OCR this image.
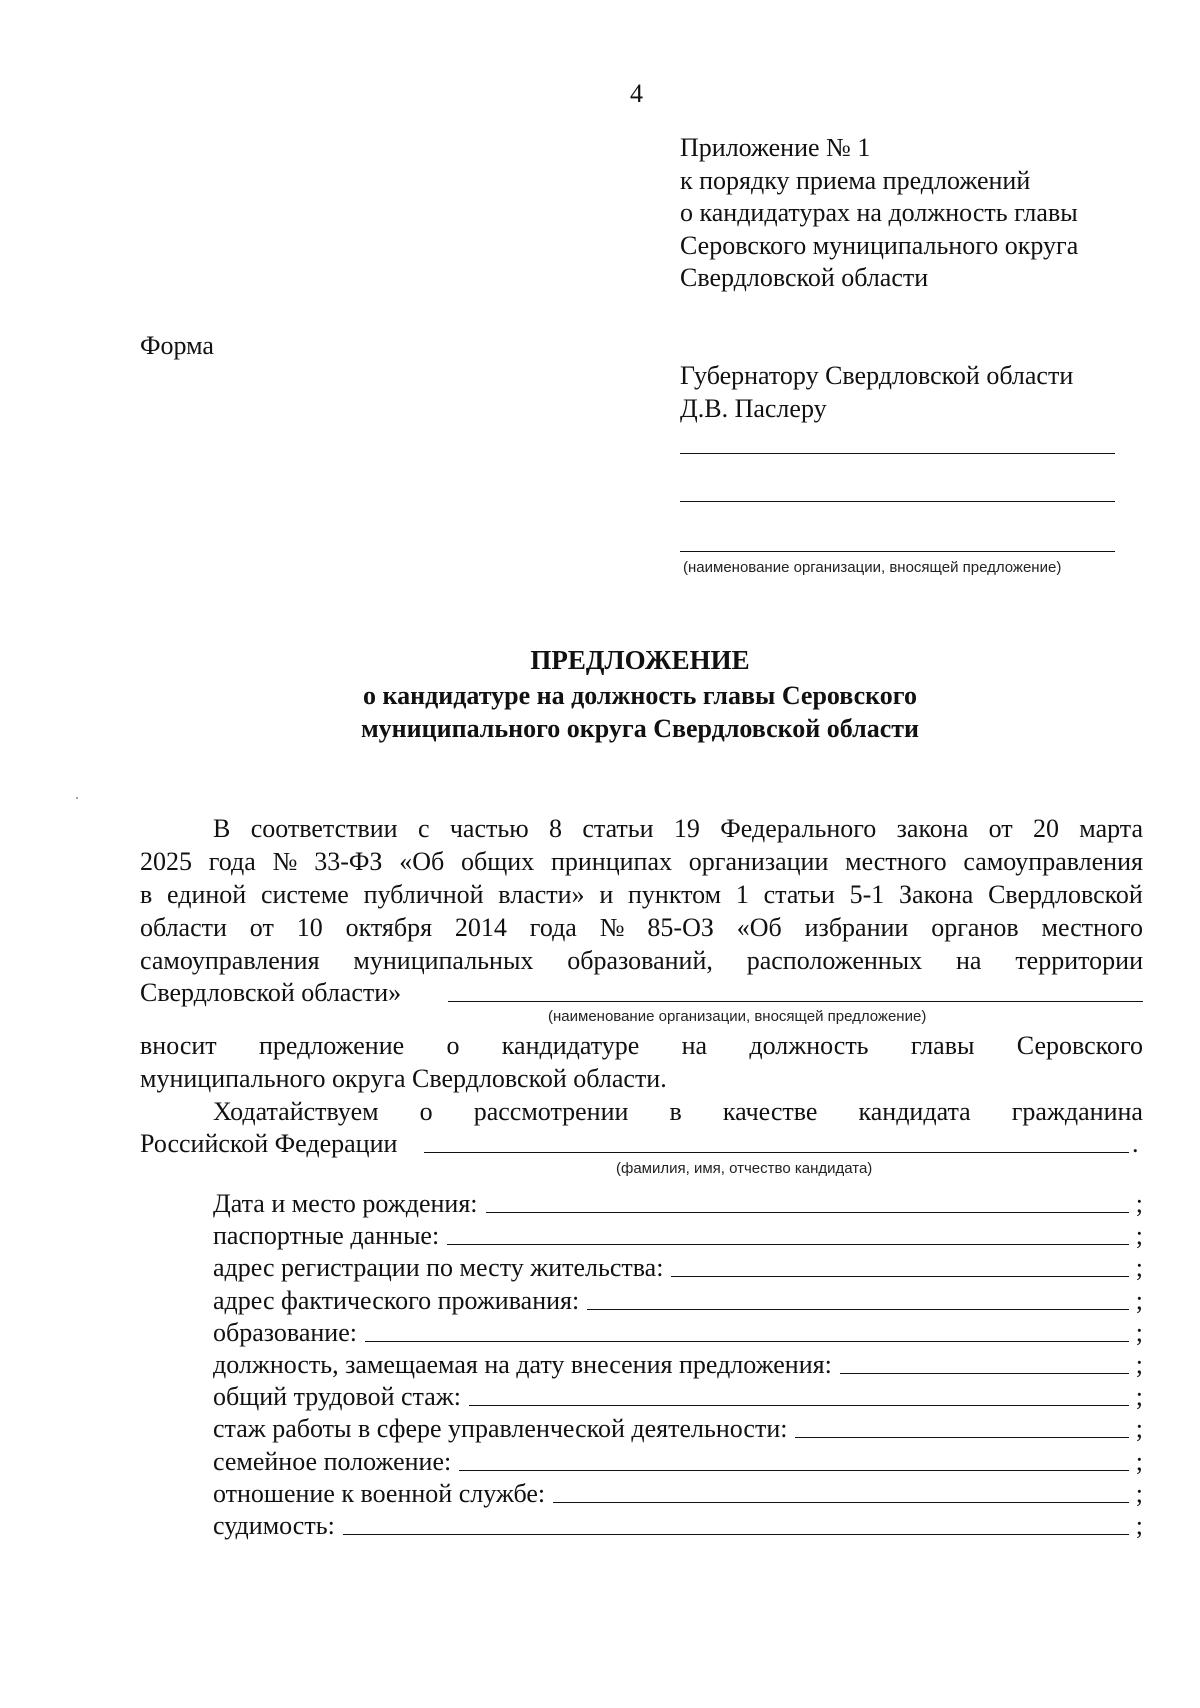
4
Приложение № 1
к порядку приема предложений
о кандидатурах на должность главы
Серовского муниципального округа
Свердловской области
Форма
Губернатору Свердловской области
Д.В. Паслеру
(наименование организации, вносящей предложение)
ПРЕДЛОЖЕНИЕ
о кандидатуре на должность главы Серовского
муниципального округа Свердловской области
В соответствии с частью 8 статьи 19 Федерального закона от 20 марта
2025 года № 33-ФЗ «Об общих принципах организации местного самоуправления
в единой системе публичной власти» и пунктом 1 статьи 5-1 Закона Свердловской
области от 10 октября 2014 года № 85-ОЗ «Об избрании органов местного
самоуправления муниципальных образований, расположенных на территории
Свердловской области»
(наименование организации, вносящей предложение)
вносит предложение о кандидатуре на должность главы Серовского
муниципального округа Свердловской области.
Ходатайствуем о рассмотрении в качестве кандидата гражданина
Российской Федерации	.
(фамилия, имя, отчество кандидата)
Дата и место рождения:	;
паспортные данные:	;
адрес регистрации по месту жительства:	;
адрес фактического проживания:	;
образование:	;
должность, замещаемая на дату внесения предложения:	;
общий трудовой стаж:	;
стаж работы в сфере управленческой деятельности:	;
семейное положение:	;
отношение к военной службе:	;
судимость:	;
